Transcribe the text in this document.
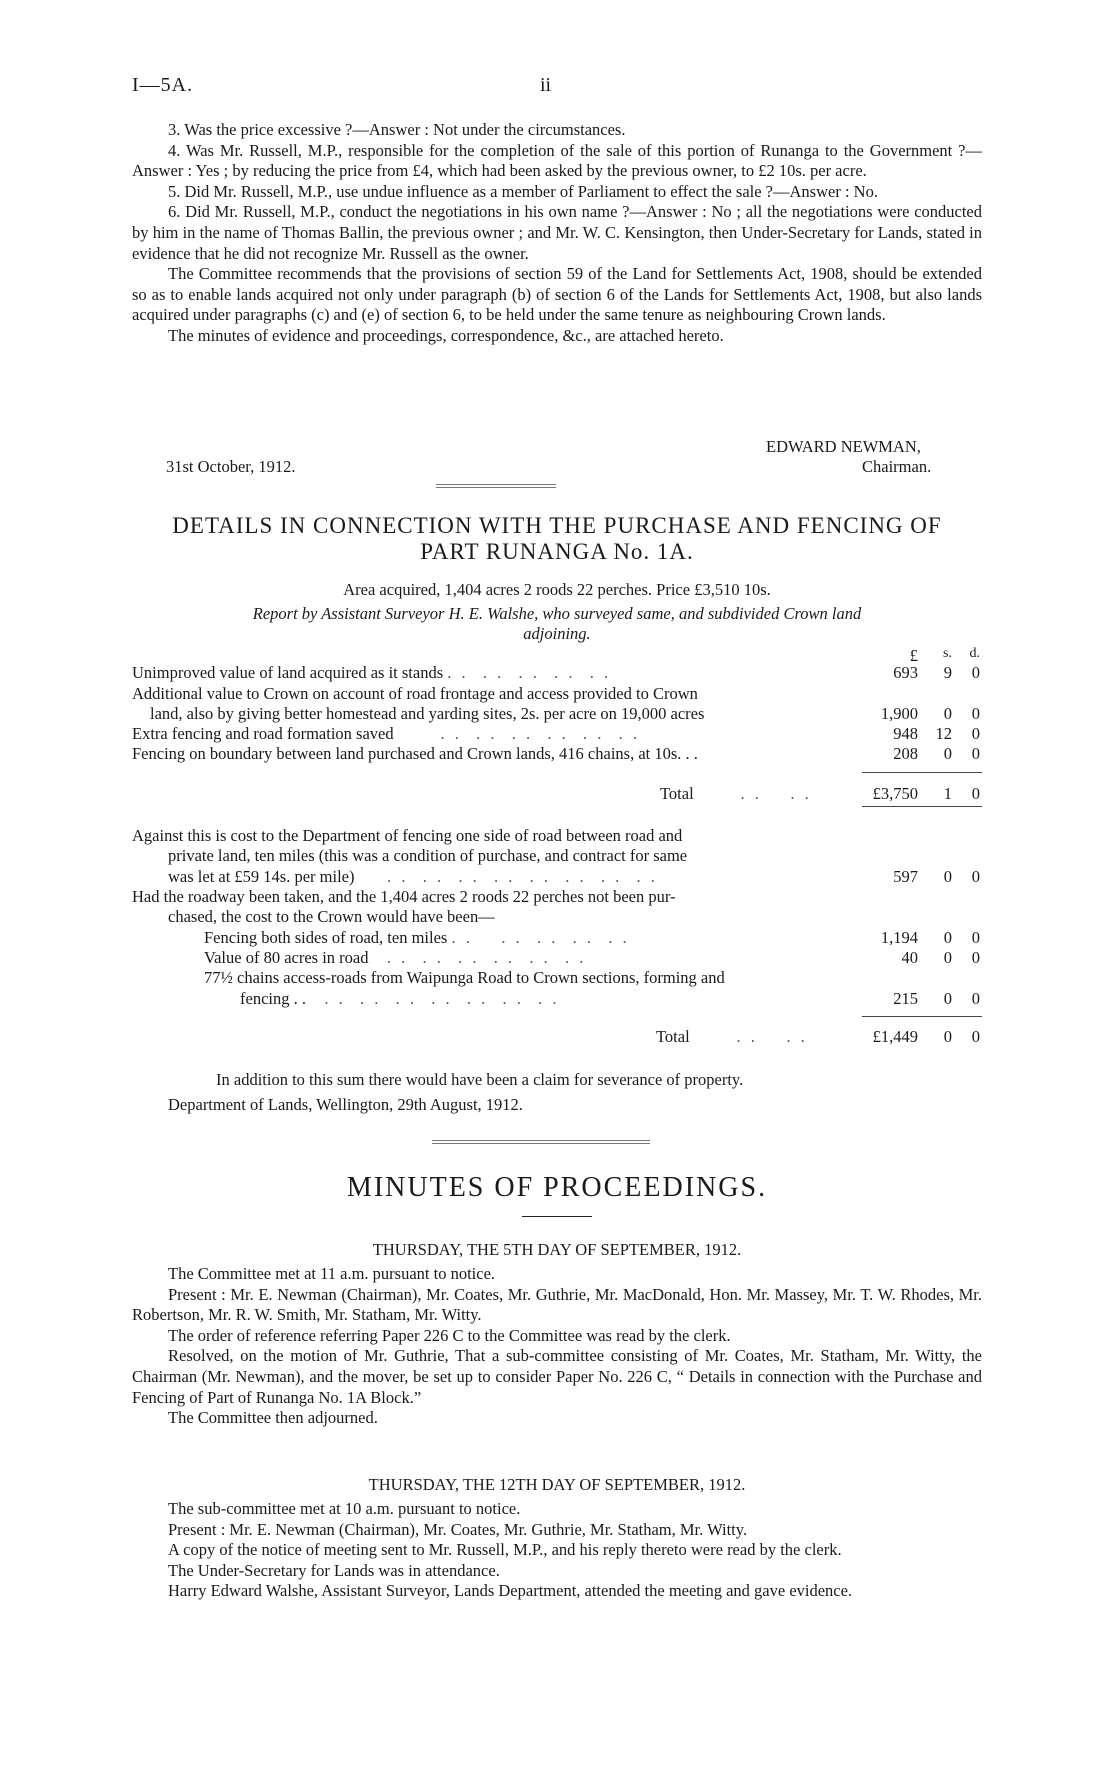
I—5A.	ii

3. Was the price excessive ?—Answer : Not under the circumstances.

4. Was Mr. Russell, M.P., responsible for the completion of the sale of this portion of Runanga to the Government ?—Answer : Yes ; by reducing the price from £4, which had been asked by the previous owner, to £2 10s. per acre.

5. Did Mr. Russell, M.P., use undue influence as a member of Parliament to effect the sale ?—Answer : No.

6. Did Mr. Russell, M.P., conduct the negotiations in his own name ?—Answer : No ; all the negotiations were conducted by him in the name of Thomas Ballin, the previous owner ; and Mr. W. C. Kensington, then Under-Secretary for Lands, stated in evidence that he did not recognize Mr. Russell as the owner.

The Committee recommends that the provisions of section 59 of the Land for Settlements Act, 1908, should be extended so as to enable lands acquired not only under paragraph (b) of section 6 of the Lands for Settlements Act, 1908, but also lands acquired under paragraphs (c) and (e) of section 6, to be held under the same tenure as neighbouring Crown lands.

The minutes of evidence and proceedings, correspondence, &c., are attached hereto.

EDWARD NEWMAN,
31st October, 1912.	Chairman.
DETAILS IN CONNECTION WITH THE PURCHASE AND FENCING OF
PART RUNANGA No. 1A.
Area acquired, 1,404 acres 2 roods 22 perches. Price £3,510 10s.
Report by Assistant Surveyor H. E. Walshe, who surveyed same, and subdivided Crown land
adjoining.
£	s.	d.
Unimproved value of land acquired as it stands . .  . .  . .  . .  . .	693	9	0
Additional value to Crown on account of road frontage and access provided to Crown
land, also by giving better homestead and yarding sites, 2s. per acre on 19,000 acres	1,900	0	0
Extra fencing and road formation saved       . .  . .  . .  . .  . .  . .	948	12	0
Fencing on boundary between land purchased and Crown lands, 416 chains, at 10s. . .	208	0	0
Total       . .    . .	£3,750	1	0
Against this is cost to the Department of fencing one side of road between road and
private land, ten miles (this was a condition of purchase, and contract for same
was let at £59 14s. per mile)     . .  . .  . .  . .  . .  . .  . .  . .	597	0	0
Had the roadway been taken, and the 1,404 acres 2 roods 22 perches not been pur-
chased, the cost to the Crown would have been—
Fencing both sides of road, ten miles . .    . .  . .  . .  . .	1,194	0	0
Value of 80 acres in road   . .  . .  . .  . .  . .  . .	40	0	0
77½ chains access-roads from Waipunga Road to Crown sections, forming and
fencing . .   . .  . .  . .  . .  . .  . .  . .	215	0	0
Total       . .    . .	£1,449	0	0
In addition to this sum there would have been a claim for severance of property.
Department of Lands, Wellington, 29th August, 1912.
MINUTES OF PROCEEDINGS.
THURSDAY, THE 5TH DAY OF SEPTEMBER, 1912.

The Committee met at 11 a.m. pursuant to notice.

Present : Mr. E. Newman (Chairman), Mr. Coates, Mr. Guthrie, Mr. MacDonald, Hon. Mr. Massey, Mr. T. W. Rhodes, Mr. Robertson, Mr. R. W. Smith, Mr. Statham, Mr. Witty.

The order of reference referring Paper 226 C to the Committee was read by the clerk.

Resolved, on the motion of Mr. Guthrie, That a sub-committee consisting of Mr. Coates, Mr. Statham, Mr. Witty, the Chairman (Mr. Newman), and the mover, be set up to consider Paper No. 226 C, “ Details in connection with the Purchase and Fencing of Part of Runanga No. 1A Block.”

The Committee then adjourned.

THURSDAY, THE 12TH DAY OF SEPTEMBER, 1912.

The sub-committee met at 10 a.m. pursuant to notice.

Present : Mr. E. Newman (Chairman), Mr. Coates, Mr. Guthrie, Mr. Statham, Mr. Witty.

A copy of the notice of meeting sent to Mr. Russell, M.P., and his reply thereto were read by the clerk.

The Under-Secretary for Lands was in attendance.

Harry Edward Walshe, Assistant Surveyor, Lands Department, attended the meeting and gave evidence.
